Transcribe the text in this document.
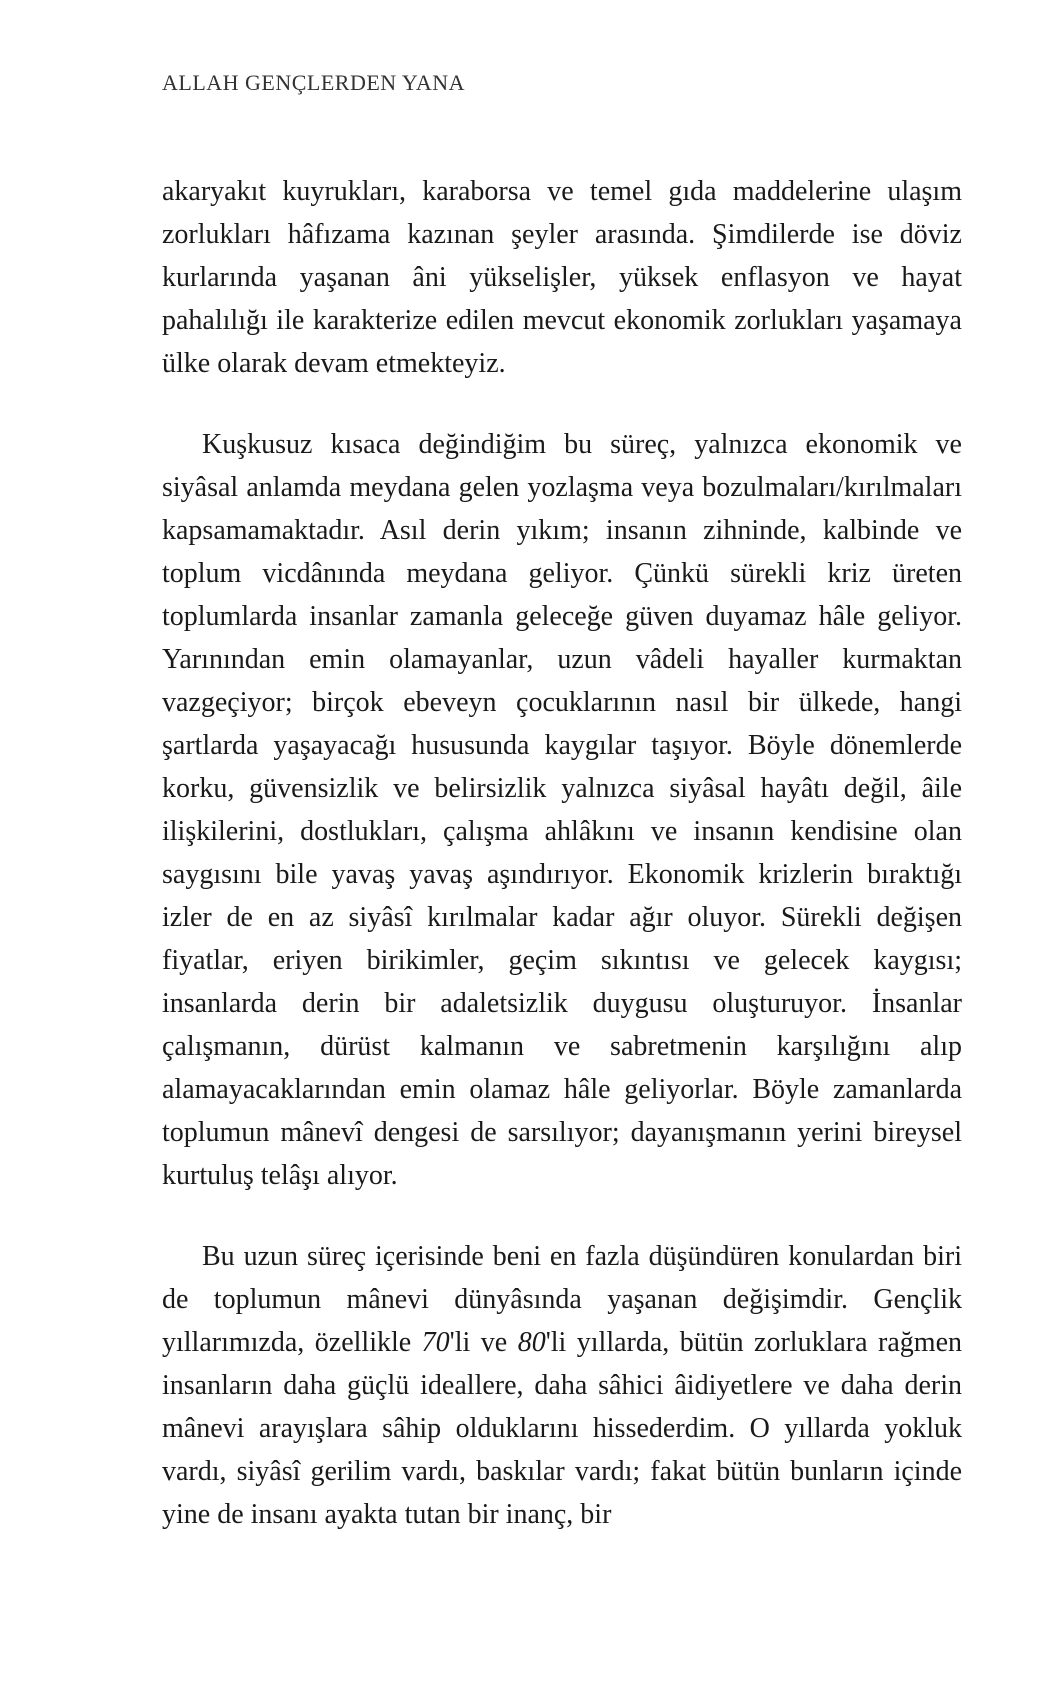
ALLAH GENÇLERDEN YANA

akaryakıt kuyrukları, karaborsa ve temel gıda maddelerine ulaşım zorlukları hâfızama kazınan şeyler arasında. Şimdilerde ise döviz kurlarında yaşanan âni yükselişler, yüksek enflasyon ve hayat pahalılığı ile karakterize edilen mevcut ekonomik zorlukları yaşamaya ülke olarak devam etmekteyiz.

Kuşkusuz kısaca değindiğim bu süreç, yalnızca ekonomik ve siyâsal anlamda meydana gelen yozlaşma veya bozulmaları/kırılmaları kapsamamaktadır. Asıl derin yıkım; insanın zihninde, kalbinde ve toplum vicdânında meydana geliyor. Çünkü sürekli kriz üreten toplumlarda insanlar zamanla geleceğe güven duyamaz hâle geliyor. Yarınından emin olamayanlar, uzun vâdeli hayaller kurmaktan vazgeçiyor; birçok ebeveyn çocuklarının nasıl bir ülkede, hangi şartlarda yaşayacağı hususunda kaygılar taşıyor. Böyle dönemlerde korku, güvensizlik ve belirsizlik yalnızca siyâsal hayâtı değil, âile ilişkilerini, dostlukları, çalışma ahlâkını ve insanın kendisine olan saygısını bile yavaş yavaş aşındırıyor. Ekonomik krizlerin bıraktığı izler de en az siyâsî kırılmalar kadar ağır oluyor. Sürekli değişen fiyatlar, eriyen birikimler, geçim sıkıntısı ve gelecek kaygısı; insanlarda derin bir adaletsizlik duygusu oluşturuyor. İnsanlar çalışmanın, dürüst kalmanın ve sabretmenin karşılığını alıp alamayacaklarından emin olamaz hâle geliyorlar. Böyle zamanlarda toplumun mânevî dengesi de sarsılıyor; dayanışmanın yerini bireysel kurtuluş telâşı alıyor.

Bu uzun süreç içerisinde beni en fazla düşündüren konulardan biri de toplumun mânevi dünyâsında yaşanan değişimdir. Gençlik yıllarımızda, özellikle 70'li ve 80'li yıllarda, bütün zorluklara rağmen insanların daha güçlü ideallere, daha sâhici âidiyetlere ve daha derin mânevi arayışlara sâhip olduklarını hissederdim. O yıllarda yokluk vardı, siyâsî gerilim vardı, baskılar vardı; fakat bütün bunların içinde yine de insanı ayakta tutan bir inanç, bir
